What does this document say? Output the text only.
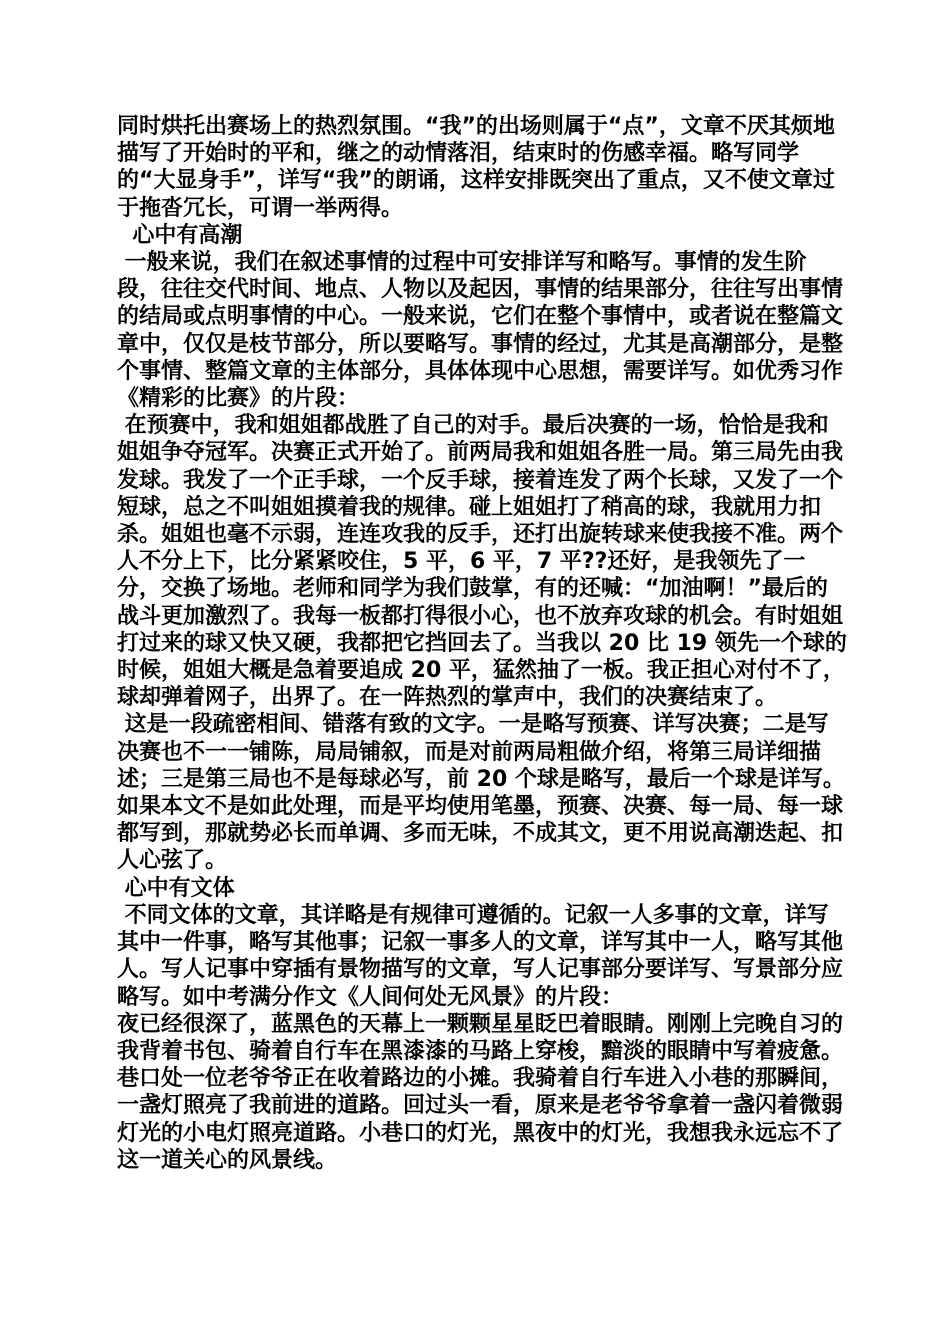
同时烘托出赛场上的热烈氛围。“我”的出场则属于“点”，文章不厌其烦地描写了开始时的平和，继之的动情落泪，结束时的伤感幸福。略写同学的“大显身手”，详写“我”的朗诵，这样安排既突出了重点，又不使文章过于拖沓冗长，可谓一举两得。

心中有高潮

一般来说，我们在叙述事情的过程中可安排详写和略写。事情的发生阶段，往往交代时间、地点、人物以及起因，事情的结果部分，往往写出事情的结局或点明事情的中心。一般来说，它们在整个事情中，或者说在整篇文章中，仅仅是枝节部分，所以要略写。事情的经过，尤其是高潮部分，是整个事情、整篇文章的主体部分，具体体现中心思想，需要详写。如优秀习作《精彩的比赛》的片段：

在预赛中，我和姐姐都战胜了自己的对手。最后决赛的一场，恰恰是我和姐姐争夺冠军。决赛正式开始了。前两局我和姐姐各胜一局。第三局先由我发球。我发了一个正手球，一个反手球，接着连发了两个长球，又发了一个短球，总之不叫姐姐摸着我的规律。碰上姐姐打了稍高的球，我就用力扣杀。姐姐也毫不示弱，连连攻我的反手，还打出旋转球来使我接不准。两个人不分上下，比分紧紧咬住，5 平，6 平，7 平??还好，是我领先了一分，交换了场地。老师和同学为我们鼓掌，有的还喊：“加油啊！”最后的战斗更加激烈了。我每一板都打得很小心，也不放弃攻球的机会。有时姐姐打过来的球又快又硬，我都把它挡回去了。当我以 20 比 19 领先一个球的时候，姐姐大概是急着要追成 20 平，猛然抽了一板。我正担心对付不了，球却弹着网子，出界了。在一阵热烈的掌声中，我们的决赛结束了。

这是一段疏密相间、错落有致的文字。一是略写预赛、详写决赛；二是写决赛也不一一铺陈，局局铺叙，而是对前两局粗做介绍，将第三局详细描述；三是第三局也不是每球必写，前 20 个球是略写，最后一个球是详写。如果本文不是如此处理，而是平均使用笔墨，预赛、决赛、每一局、每一球都写到，那就势必长而单调、多而无味，不成其文，更不用说高潮迭起、扣人心弦了。

心中有文体

不同文体的文章，其详略是有规律可遵循的。记叙一人多事的文章，详写其中一件事，略写其他事；记叙一事多人的文章，详写其中一人，略写其他人。写人记事中穿插有景物描写的文章，写人记事部分要详写、写景部分应略写。如中考满分作文《人间何处无风景》的片段：

夜已经很深了，蓝黑色的天幕上一颗颗星星眨巴着眼睛。刚刚上完晚自习的我背着书包、骑着自行车在黑漆漆的马路上穿梭，黯淡的眼睛中写着疲惫。巷口处一位老爷爷正在收着路边的小摊。我骑着自行车进入小巷的那瞬间，一盏灯照亮了我前进的道路。回过头一看，原来是老爷爷拿着一盏闪着微弱灯光的小电灯照亮道路。小巷口的灯光，黑夜中的灯光，我想我永远忘不了这一道关心的风景线。
